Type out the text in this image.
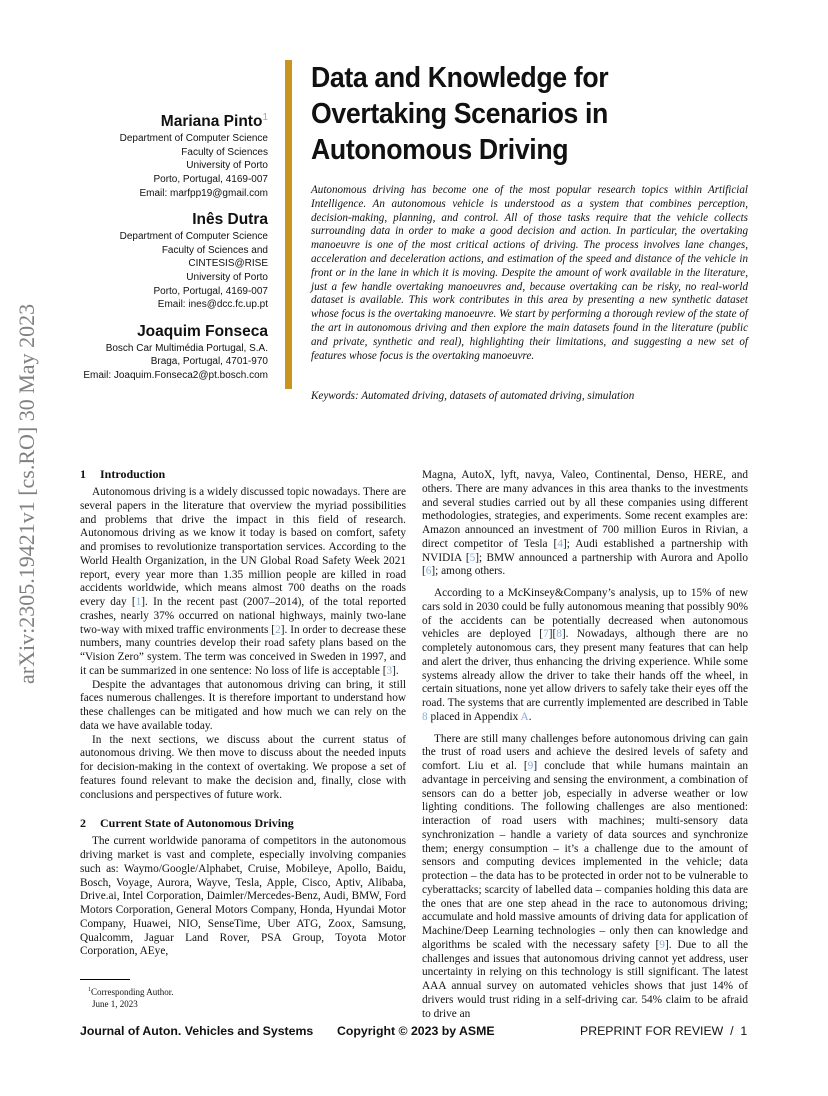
arXiv:2305.19421v1 [cs.RO] 30 May 2023
Mariana Pinto$^1$
Department of Computer Science
Faculty of Sciences
University of Porto
Porto, Portugal, 4169-007
Email: marfpp19@gmail.com
Inês Dutra
Department of Computer Science
Faculty of Sciences and CINTESIS@RISE
University of Porto
Porto, Portugal, 4169-007
Email: ines@dcc.fc.up.pt
Joaquim Fonseca
Bosch Car Multimédia Portugal, S.A.
Braga, Portugal, 4701-970
Email: Joaquim.Fonseca2@pt.bosch.com
Data and Knowledge for
Overtaking Scenarios in
Autonomous Driving

Autonomous driving has become one of the most popular research topics within Artificial Intelligence. An autonomous vehicle is understood as a system that combines perception, decision-making, planning, and control. All of those tasks require that the vehicle collects surrounding data in order to make a good decision and action. In particular, the overtaking manoeuvre is one of the most critical actions of driving. The process involves lane changes, acceleration and deceleration actions, and estimation of the speed and distance of the vehicle in front or in the lane in which it is moving. Despite the amount of work available in the literature, just a few handle overtaking manoeuvres and, because overtaking can be risky, no real-world dataset is available. This work contributes in this area by presenting a new synthetic dataset whose focus is the overtaking manoeuvre. We start by performing a thorough review of the state of the art in autonomous driving and then explore the main datasets found in the literature (public and private, synthetic and real), highlighting their limitations, and suggesting a new set of features whose focus is the overtaking manoeuvre.

Keywords: Automated driving, datasets of automated driving, simulation

1 Introduction

Autonomous driving is a widely discussed topic nowadays. There are several papers in the literature that overview the myriad possibilities and problems that drive the impact in this field of research. Autonomous driving as we know it today is based on comfort, safety and promises to revolutionize transportation services. According to the World Health Organization, in the UN Global Road Safety Week 2021 report, every year more than 1.35 million people are killed in road accidents worldwide, which means almost 700 deaths on the roads every day [1]. In the recent past (2007–2014), of the total reported crashes, nearly 37% occurred on national highways, mainly two-lane two-way with mixed traffic environments [2]. In order to decrease these numbers, many countries develop their road safety plans based on the “Vision Zero” system. The term was conceived in Sweden in 1997, and it can be summarized in one sentence: No loss of life is acceptable [3].

Despite the advantages that autonomous driving can bring, it still faces numerous challenges. It is therefore important to understand how these challenges can be mitigated and how much we can rely on the data we have available today.

In the next sections, we discuss about the current status of autonomous driving. We then move to discuss about the needed inputs for decision-making in the context of overtaking. We propose a set of features found relevant to make the decision and, finally, close with conclusions and perspectives of future work.

2 Current State of Autonomous Driving

The current worldwide panorama of competitors in the autonomous driving market is vast and complete, especially involving companies such as: Waymo/Google/Alphabet, Cruise, Mobileye, Apollo, Baidu, Bosch, Voyage, Aurora, Wayve, Tesla, Apple, Cisco, Aptiv, Alibaba, Drive.ai, Intel Corporation, Daimler/Mercedes-Benz, Audi, BMW, Ford Motors Corporation, General Motors Company, Honda, Hyundai Motor Company, Huawei, NIO, SenseTime, Uber ATG, Zoox, Samsung, Qualcomm, Jaguar Land Rover, PSA Group, Toyota Motor Corporation, AEye,

Magna, AutoX, lyft, navya, Valeo, Continental, Denso, HERE, and others. There are many advances in this area thanks to the investments and several studies carried out by all these companies using different methodologies, strategies, and experiments. Some recent examples are: Amazon announced an investment of 700 million Euros in Rivian, a direct competitor of Tesla [4]; Audi established a partnership with NVIDIA [5]; BMW announced a partnership with Aurora and Apollo [6]; among others.

According to a McKinsey&Company’s analysis, up to 15% of new cars sold in 2030 could be fully autonomous meaning that possibly 90% of the accidents can be potentially decreased when autonomous vehicles are deployed [7][8]. Nowadays, although there are no completely autonomous cars, they present many features that can help and alert the driver, thus enhancing the driving experience. While some systems already allow the driver to take their hands off the wheel, in certain situations, none yet allow drivers to safely take their eyes off the road. The systems that are currently implemented are described in Table 8 placed in Appendix A.

There are still many challenges before autonomous driving can gain the trust of road users and achieve the desired levels of safety and comfort. Liu et al. [9] conclude that while humans maintain an advantage in perceiving and sensing the environment, a combination of sensors can do a better job, especially in adverse weather or low lighting conditions. The following challenges are also mentioned: interaction of road users with machines; multi-sensory data synchronization – handle a variety of data sources and synchronize them; energy consumption – it’s a challenge due to the amount of sensors and computing devices implemented in the vehicle; data protection – the data has to be protected in order not to be vulnerable to cyberattacks; scarcity of labelled data – companies holding this data are the ones that are one step ahead in the race to autonomous driving; accumulate and hold massive amounts of driving data for application of Machine/Deep Learning technologies – only then can knowledge and algorithms be scaled with the necessary safety [9]. Due to all the challenges and issues that autonomous driving cannot yet address, user uncertainty in relying on this technology is still significant. The latest AAA annual survey on automated vehicles shows that just 14% of drivers would trust riding in a self-driving car. 54% claim to be afraid to drive an

$^1$Corresponding Author.
June 1, 2023
Journal of Auton. Vehicles and Systems Copyright © 2023 by ASME	PREPRINT FOR REVIEW  /  1
